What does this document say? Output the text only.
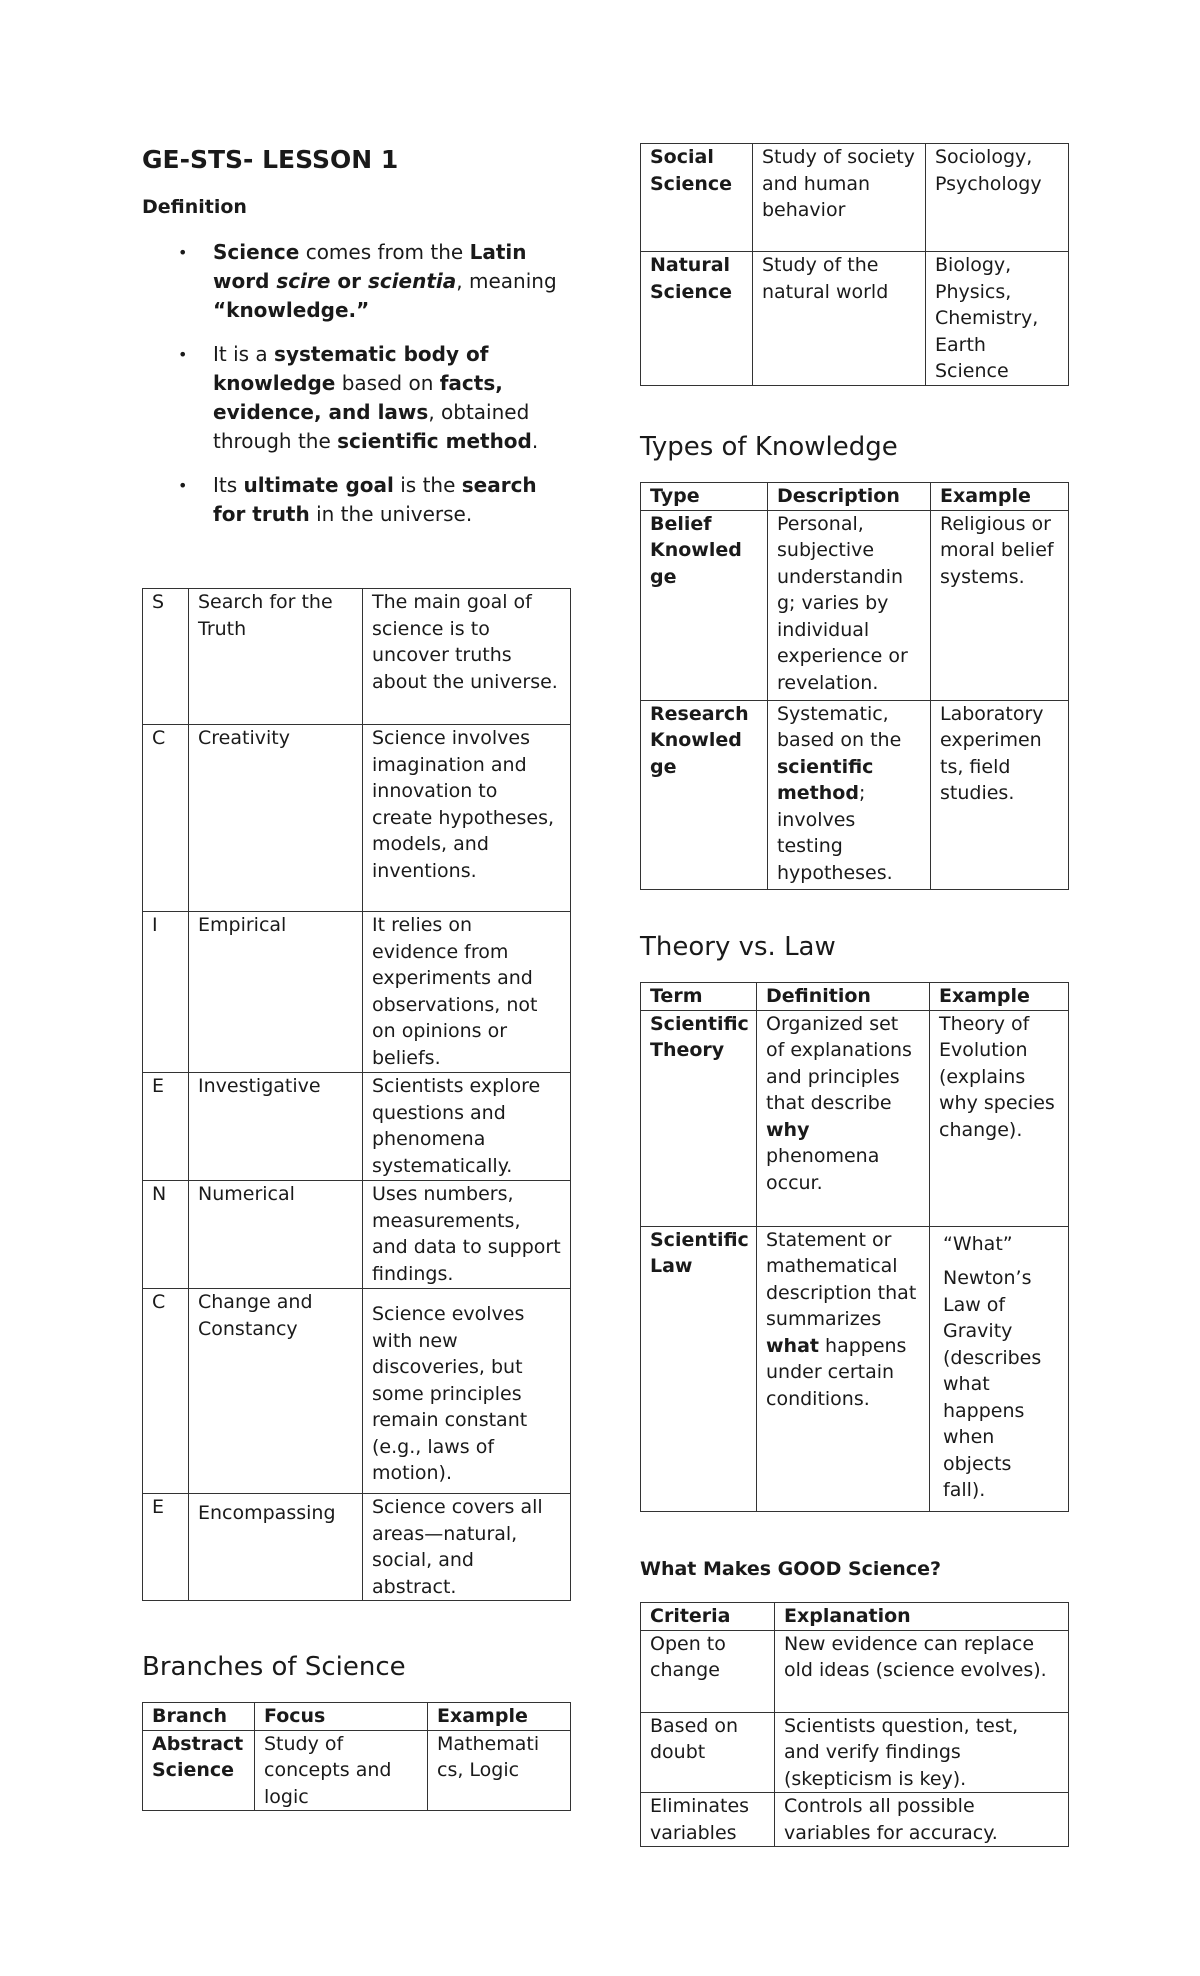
GE-STS- LESSON 1
Definition
• Science comes from the Latin word scire or scientia, meaning “knowledge.”
• It is a systematic body of knowledge based on facts, evidence, and laws, obtained through the scientific method.
• Its ultimate goal is the search for truth in the universe.
S	Search for the Truth	The main goal of science is to uncover truths about the universe.
C	Creativity	Science involves imagination and innovation to create hypotheses, models, and inventions.
I	Empirical	It relies on evidence from experiments and observations, not on opinions or beliefs.
E	Investigative	Scientists explore questions and phenomena systematically.
N	Numerical	Uses numbers, measurements, and data to support findings.
C	Change and Constancy	Science evolves with new discoveries, but some principles remain constant (e.g., laws of motion).
E	Encompassing	Science covers all areas—natural, social, and abstract.
Branches of Science
Branch	Focus	Example
Abstract Science	Study of concepts and logic	Mathemati cs, Logic
Social Science	Study of society and human behavior	Sociology, Psychology
Natural Science	Study of the natural world	Biology, Physics, Chemistry, Earth Science
Types of Knowledge
Type	Description	Example
Belief Knowled ge	Personal, subjective understandin g; varies by individual experience or revelation.	Religious or moral belief systems.
Research Knowled ge	Systematic, based on the scientific method; involves testing hypotheses.	Laboratory experimen ts, field studies.
Theory vs. Law
Term	Definition	Example
Scientific Theory	Organized set of explanations and principles that describe why phenomena occur.	Theory of Evolution (explains why species change).

Scientific Law	Statement or mathematical description that summarizes what happens under certain conditions.	“What”
Newton’s Law of Gravity (describes what happens when objects fall).
What Makes GOOD Science?
Criteria	Explanation
Open to change	New evidence can replace old ideas (science evolves).
Based on doubt	Scientists question, test, and verify findings (skepticism is key).
Eliminates variables	Controls all possible variables for accuracy.
